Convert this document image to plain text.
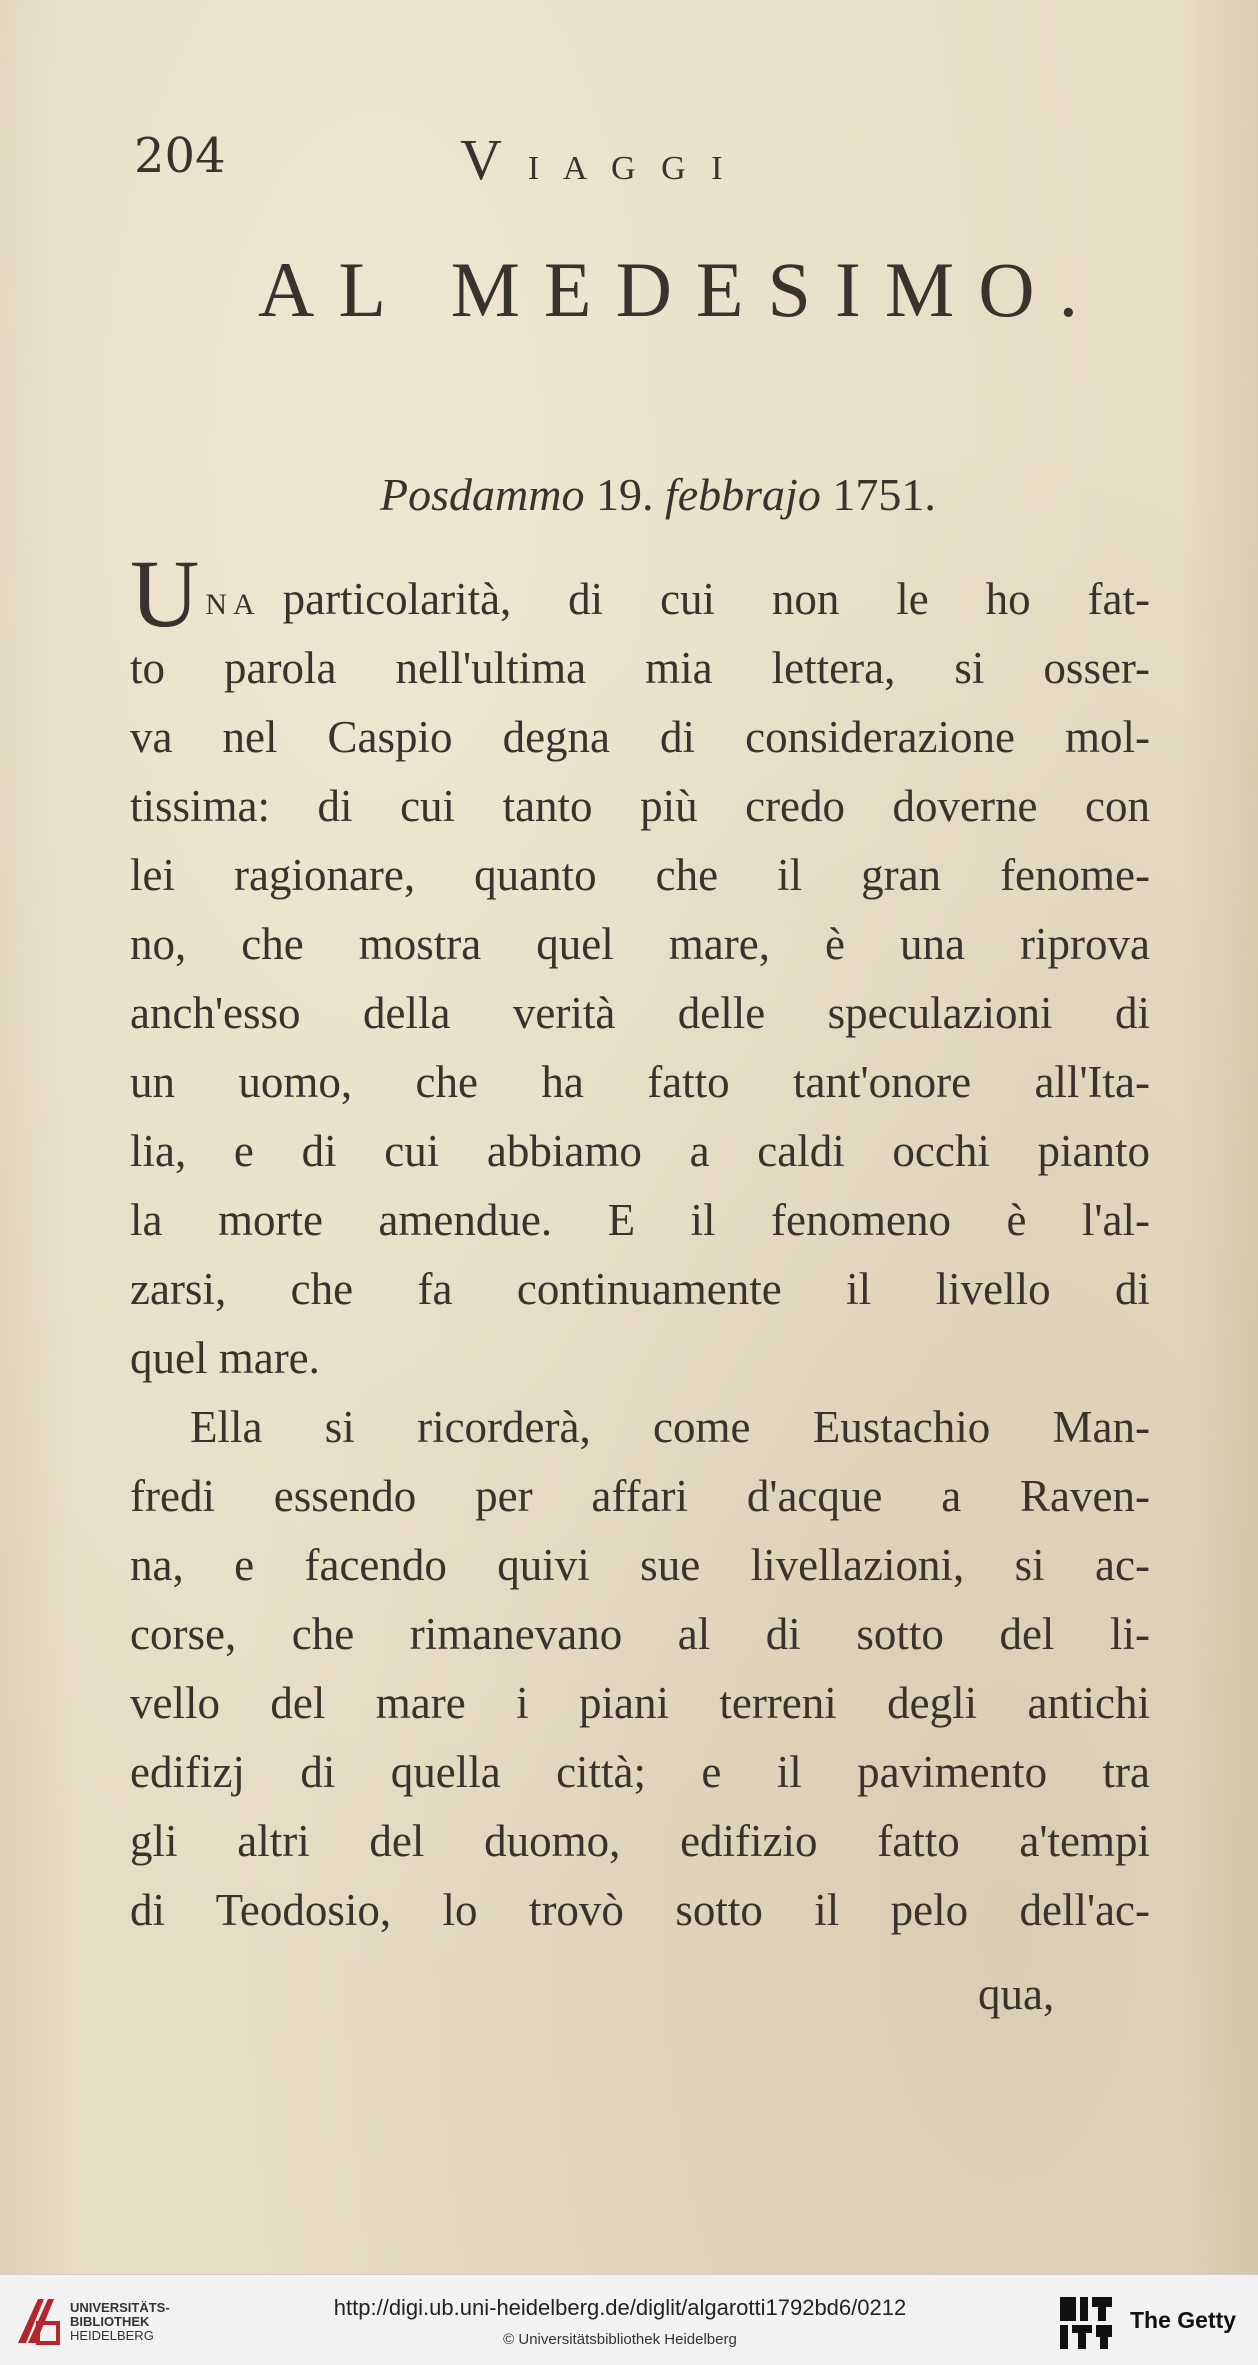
204	V I   A   G   G   I
AL MEDESIMO.
Posdammo 19. febbrajo 1751.
UNA particolarità, di cui non le ho fat-
to parola nell'ultima mia lettera, si osser-
va nel Caspio degna di considerazione mol-
tissima: di cui tanto più credo doverne con
lei ragionare, quanto che il gran fenome-
no, che mostra quel mare, è una riprova
anch'esso della verità delle speculazioni di
un uomo, che ha fatto tant'onore all'Ita-
lia, e di cui abbiamo a caldi occhi pianto
la morte amendue. E il fenomeno è l'al-
zarsi, che fa continuamente il livello di
quel mare.
Ella si ricorderà, come Eustachio Man-
fredi essendo per affari d'acque a Raven-
na, e facendo quivi sue livellazioni, si ac-
corse, che rimanevano al di sotto del li-
vello del mare i piani terreni degli antichi
edifizj di quella città; e il pavimento tra
gli altri del duomo, edifizio fatto a'tempi
di Teodosio, lo trovò sotto il pelo dell'ac-
qua,
UNIVERSITÄTS-
BIBLIOTHEK
HEIDELBERG
http://digi.ub.uni-heidelberg.de/diglit/algarotti1792bd6/0212
© Universitätsbibliothek Heidelberg
The Getty
